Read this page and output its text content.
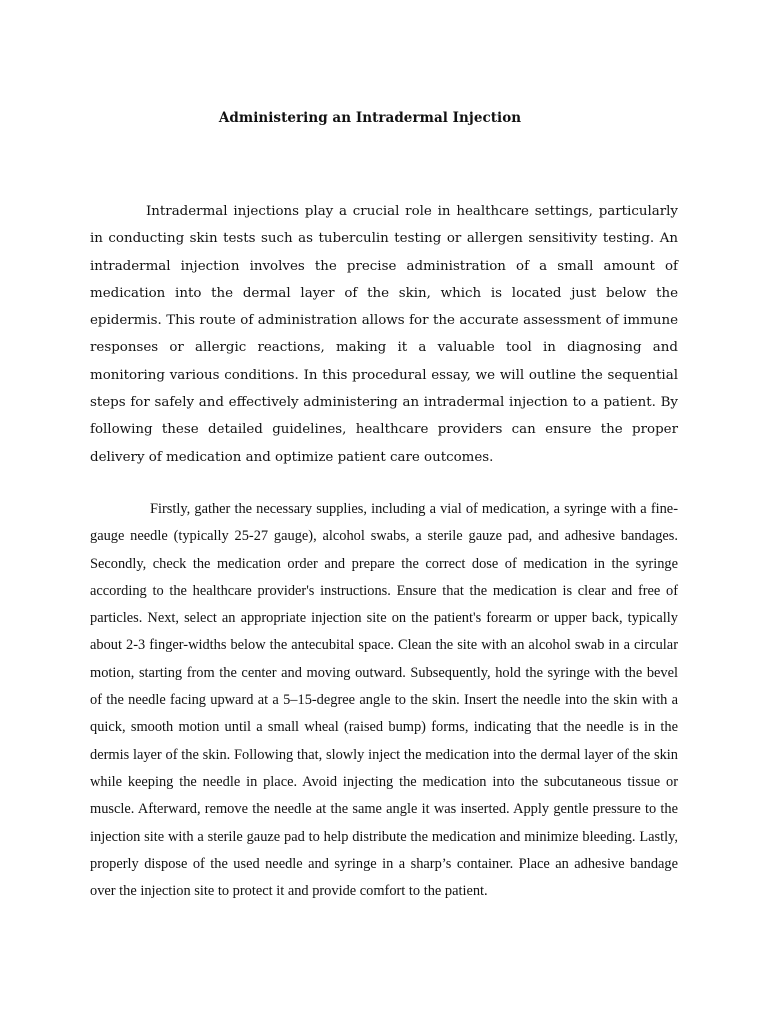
Administering an Intradermal Injection

Intradermal injections play a crucial role in healthcare settings, particularly in conducting skin tests such as tuberculin testing or allergen sensitivity testing. An intradermal injection involves the precise administration of a small amount of medication into the dermal layer of the skin, which is located just below the epidermis. This route of administration allows for the accurate assessment of immune responses or allergic reactions, making it a valuable tool in diagnosing and monitoring various conditions. In this procedural essay, we will outline the sequential steps for safely and effectively administering an intradermal injection to a patient. By following these detailed guidelines, healthcare providers can ensure the proper delivery of medication and optimize patient care outcomes.

Firstly, gather the necessary supplies, including a vial of medication, a syringe with a fine-gauge needle (typically 25-27 gauge), alcohol swabs, a sterile gauze pad, and adhesive bandages. Secondly, check the medication order and prepare the correct dose of medication in the syringe according to the healthcare provider's instructions. Ensure that the medication is clear and free of particles. Next, select an appropriate injection site on the patient's forearm or upper back, typically about 2-3 finger-widths below the antecubital space. Clean the site with an alcohol swab in a circular motion, starting from the center and moving outward. Subsequently, hold the syringe with the bevel of the needle facing upward at a 5–15-degree angle to the skin. Insert the needle into the skin with a quick, smooth motion until a small wheal (raised bump) forms, indicating that the needle is in the dermis layer of the skin. Following that, slowly inject the medication into the dermal layer of the skin while keeping the needle in place. Avoid injecting the medication into the subcutaneous tissue or muscle. Afterward, remove the needle at the same angle it was inserted. Apply gentle pressure to the injection site with a sterile gauze pad to help distribute the medication and minimize bleeding. Lastly, properly dispose of the used needle and syringe in a sharp’s container. Place an adhesive bandage over the injection site to protect it and provide comfort to the patient.
